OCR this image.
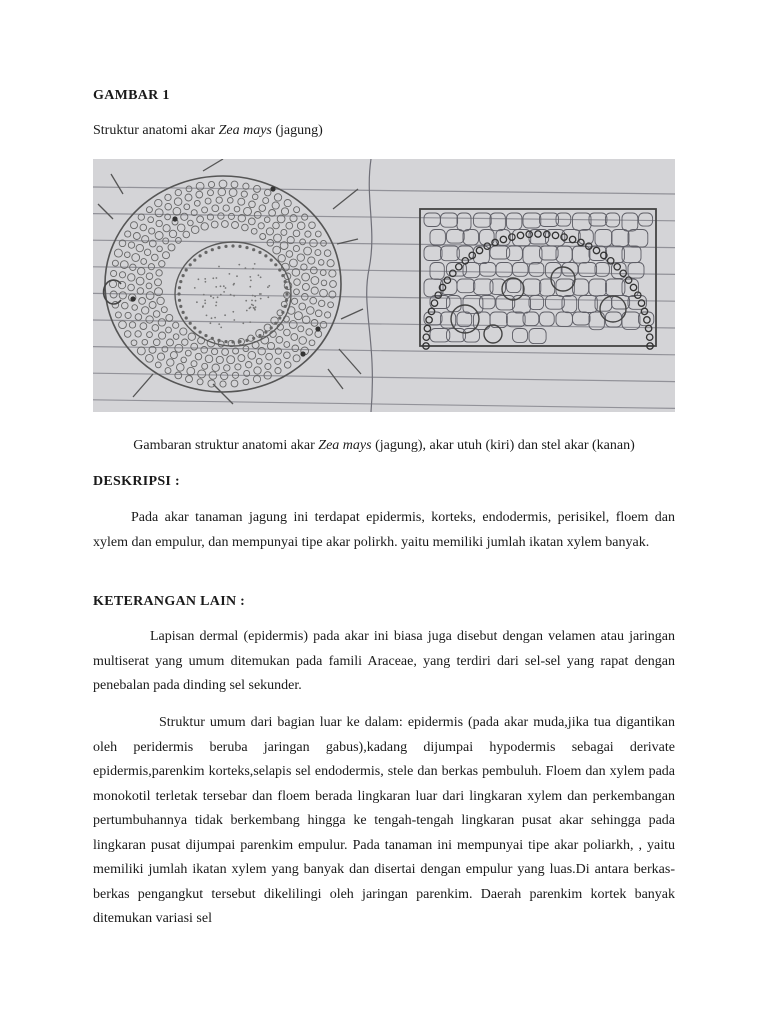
GAMBAR 1
Struktur anatomi akar Zea mays (jagung)
Gambaran struktur anatomi akar Zea mays (jagung), akar utuh (kiri) dan stel akar (kanan)
DESKRIPSI :
Pada akar tanaman jagung ini terdapat epidermis, korteks, endodermis, perisikel, floem dan xylem dan empulur, dan mempunyai tipe akar polirkh. yaitu memiliki jumlah ikatan xylem banyak.
KETERANGAN LAIN :
Lapisan dermal (epidermis) pada akar ini biasa juga disebut dengan velamen atau jaringan multiserat yang umum ditemukan pada famili Araceae, yang terdiri dari sel-sel yang rapat dengan penebalan pada dinding sel sekunder.
Struktur umum dari bagian luar ke dalam: epidermis (pada akar muda,jika tua digantikan oleh peridermis beruba jaringan gabus),kadang dijumpai hypodermis sebagai derivate epidermis,parenkim korteks,selapis sel endodermis, stele dan berkas pembuluh. Floem dan xylem pada monokotil terletak tersebar dan floem berada lingkaran luar dari lingkaran xylem dan perkembangan pertumbuhannya tidak berkembang hingga ke tengah-tengah lingkaran pusat akar sehingga pada lingkaran pusat dijumpai parenkim empulur. Pada tanaman ini mempunyai tipe akar poliarkh, , yaitu memiliki jumlah ikatan xylem yang banyak dan disertai dengan empulur yang luas.Di antara berkas-berkas pengangkut tersebut dikelilingi oleh jaringan parenkim. Daerah parenkim kortek banyak ditemukan variasi sel
